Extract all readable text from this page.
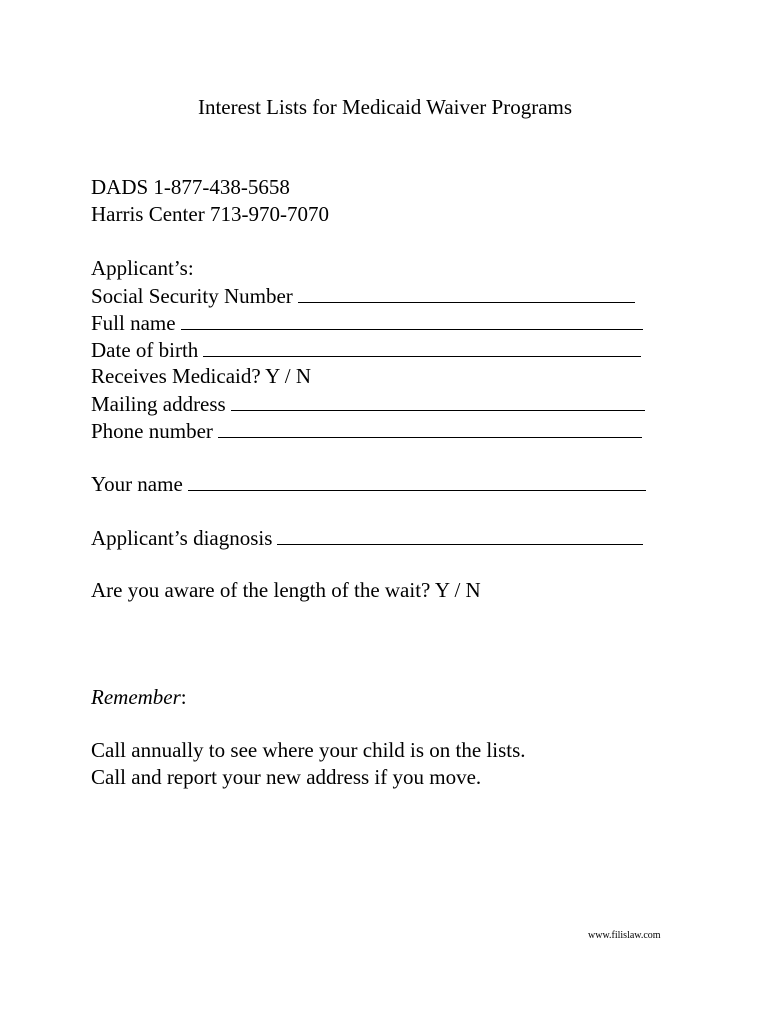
Interest Lists for Medicaid Waiver Programs
DADS 1-877-438-5658
Harris Center 713-970-7070
Applicant’s:
Social Security Number
Full name
Date of birth
Receives Medicaid? Y / N
Mailing address
Phone number
Your name
Applicant’s diagnosis
Are you aware of the length of the wait? Y / N
Remember:
Call annually to see where your child is on the lists.
Call and report your new address if you move.
www.filislaw.com
